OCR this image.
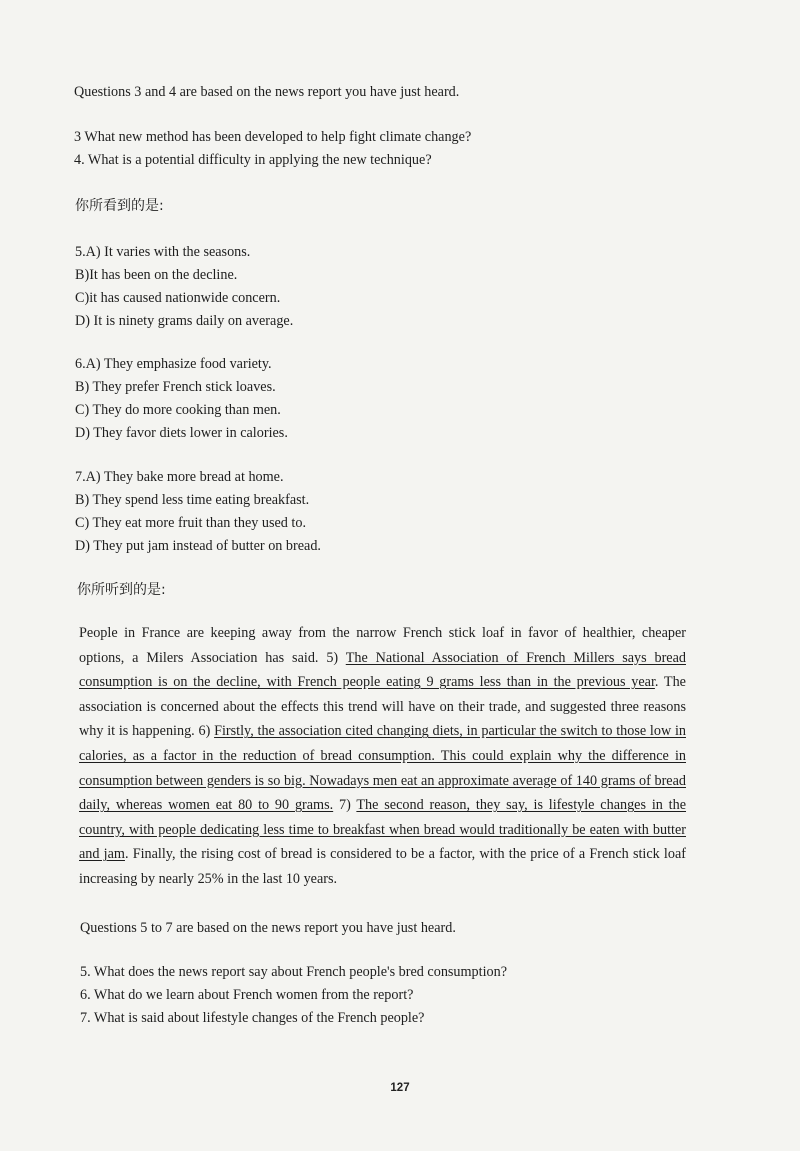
Questions 3 and 4 are based on the news report you have just heard.

3 What new method has been developed to help fight climate change?
4. What is a potential difficulty in applying the new technique?

你所看到的是:

5.A) It varies with the seasons.
B)It has been on the decline.
C)it has caused nationwide concern.
D) It is ninety grams daily on average.
6.A) They emphasize food variety.
B) They prefer French stick loaves.
C) They do more cooking than men.
D) They favor diets lower in calories.
7.A) They bake more bread at home.
B) They spend less time eating breakfast.
C) They eat more fruit than they used to.
D) They put jam instead of butter on bread.

你所听到的是:

People in France are keeping away from the narrow French stick loaf in favor of healthier, cheaper options, a Milers Association has said. 5) The National Association of French Millers says bread consumption is on the decline, with French people eating 9 grams less than in the previous year. The association is concerned about the effects this trend will have on their trade, and suggested three reasons why it is happening. 6) Firstly, the association cited changing diets, in particular the switch to those low in calories, as a factor in the reduction of bread consumption. This could explain why the difference in consumption between genders is so big. Nowadays men eat an approximate average of 140 grams of bread daily, whereas women eat 80 to 90 grams. 7) The second reason, they say, is lifestyle changes in the country, with people dedicating less time to breakfast when bread would traditionally be eaten with butter and jam. Finally, the rising cost of bread is considered to be a factor, with the price of a French stick loaf increasing by nearly 25% in the last 10 years.

Questions 5 to 7 are based on the news report you have just heard.

5. What does the news report say about French people's bred consumption?
6. What do we learn about French women from the report?
7. What is said about lifestyle changes of the French people?
127
